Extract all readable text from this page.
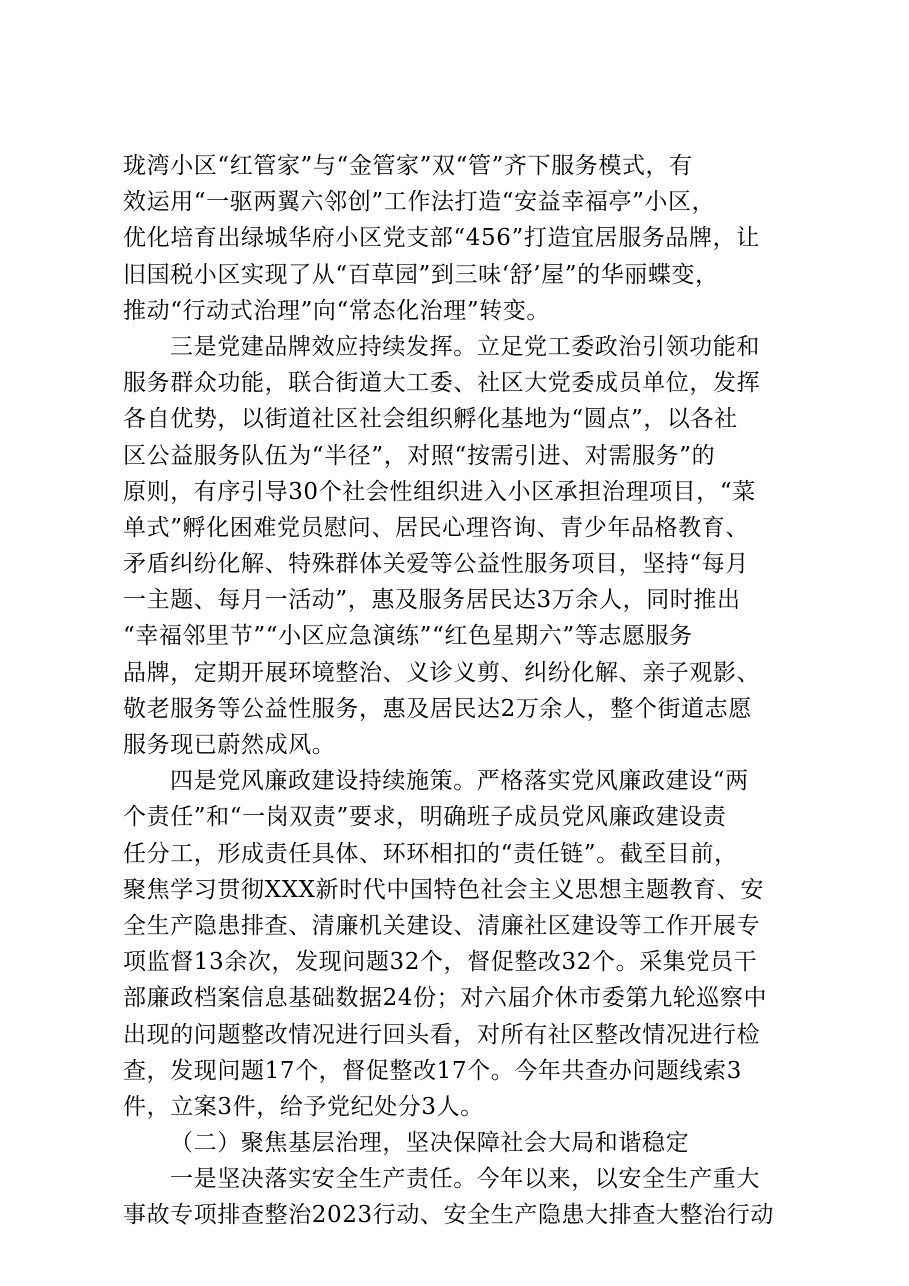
珑湾小区“红管家”与“金管家”双“管”齐下服务模式，有
效运用“一驱两翼六邻创”工作法打造“安益幸福亭”小区，
优化培育出绿城华府小区党支部“456”打造宜居服务品牌，让
旧国税小区实现了从“百草园”到三味‘舒’屋”的华丽蝶变，
推动“行动式治理”向“常态化治理”转变。
三是党建品牌效应持续发挥。立足党工委政治引领功能和
服务群众功能，联合街道大工委、社区大党委成员单位，发挥
各自优势，以街道社区社会组织孵化基地为“圆点”，以各社
区公益服务队伍为“半径”，对照“按需引进、对需服务”的
原则，有序引导30个社会性组织进入小区承担治理项目，“菜
单式”孵化困难党员慰问、居民心理咨询、青少年品格教育、
矛盾纠纷化解、特殊群体关爱等公益性服务项目，坚持“每月
一主题、每月一活动”，惠及服务居民达3万余人，同时推出
“幸福邻里节”“小区应急演练”“红色星期六”等志愿服务
品牌，定期开展环境整治、义诊义剪、纠纷化解、亲子观影、
敬老服务等公益性服务，惠及居民达2万余人，整个街道志愿
服务现已蔚然成风。
四是党风廉政建设持续施策。严格落实党风廉政建设“两
个责任”和“一岗双责”要求，明确班子成员党风廉政建设责
任分工，形成责任具体、环环相扣的“责任链”。截至目前，
聚焦学习贯彻XXX新时代中国特色社会主义思想主题教育、安
全生产隐患排查、清廉机关建设、清廉社区建设等工作开展专
项监督13余次，发现问题32个，督促整改32个。采集党员干
部廉政档案信息基础数据24份；对六届介休市委第九轮巡察中
出现的问题整改情况进行回头看，对所有社区整改情况进行检
查，发现问题17个，督促整改17个。今年共查办问题线索3
件，立案3件，给予党纪处分3人。
（二）聚焦基层治理，坚决保障社会大局和谐稳定
一是坚决落实安全生产责任。今年以来，以安全生产重大
事故专项排查整治2023行动、安全生产隐患大排查大整治行动
